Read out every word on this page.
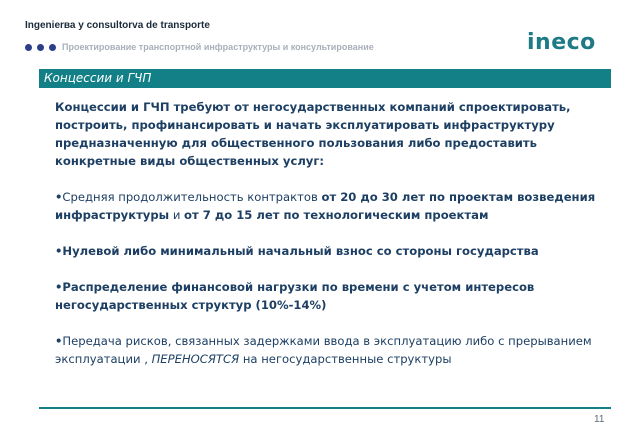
Ingenierва y consultorva de transporte
Проектирование транспортной инфраструктуры и консультирование	ineco
Концессии и ГЧП

Концессии и ГЧП требуют от негосударственных компаний спроектировать, построить, профинансировать и начать эксплуатировать инфраструктуру предназначенную для общественного пользования либо предоставить конкретные виды общественных услуг:

•Средняя продолжительность контрактов от 20 до 30 лет по проектам возведения инфраструктуры и от 7 до 15 лет по технологическим проектам

•Нулевой либо минимальный начальный взнос со стороны государства

•Распределение финансовой нагрузки по времени с учетом интересов негосударственных структур (10%-14%)

•Передача рисков, связанных задержками ввода в эксплуатацию либо с прерыванием эксплуатации , ПЕРЕНОСЯТСЯ на негосударственные структуры

11
